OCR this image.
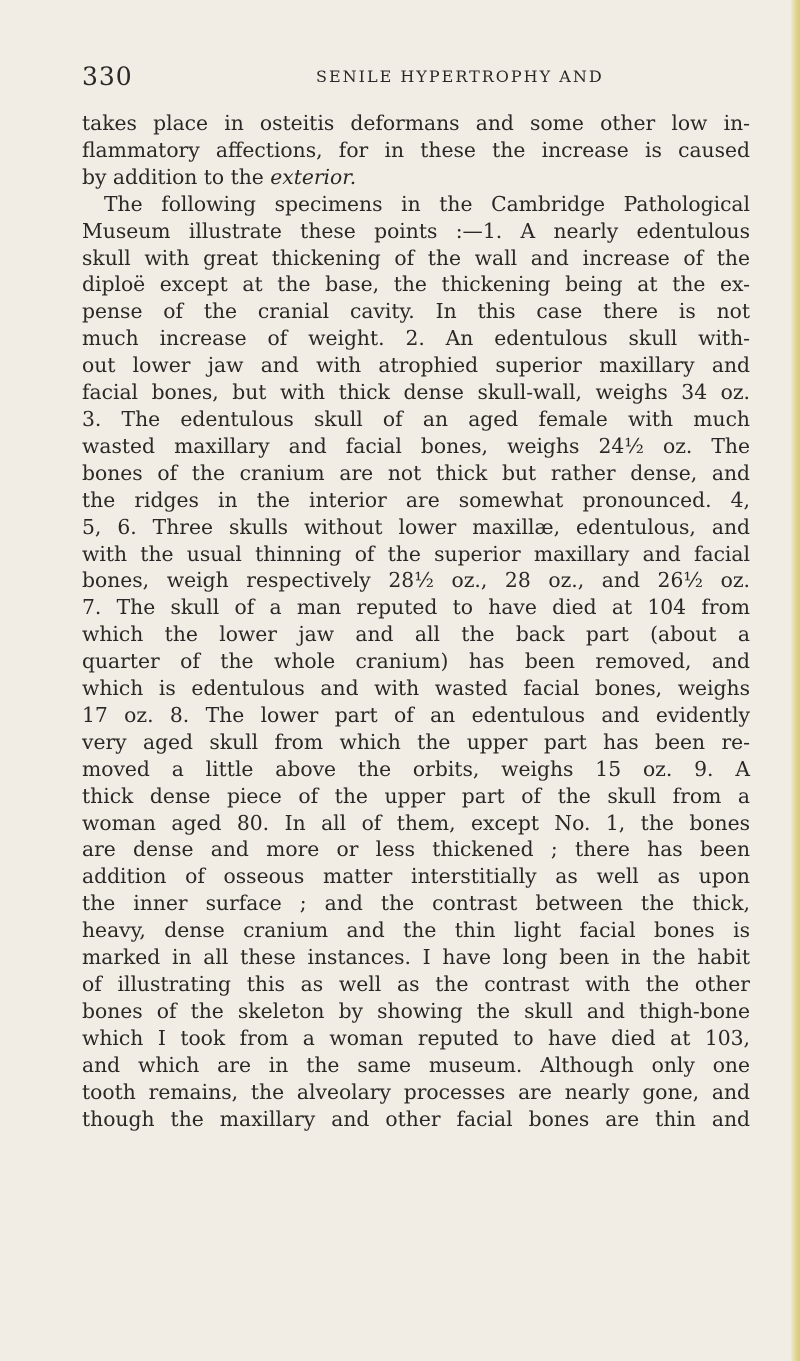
330	SENILE HYPERTROPHY AND
takes place in osteitis deformans and some other low in-
flammatory affections, for in these the increase is caused
by addition to the exterior.
The following specimens in the Cambridge Pathological
Museum illustrate these points :—1. A nearly edentulous
skull with great thickening of the wall and increase of the
diploë except at the base, the thickening being at the ex-
pense of the cranial cavity. In this case there is not
much increase of weight. 2. An edentulous skull with-
out lower jaw and with atrophied superior maxillary and
facial bones, but with thick dense skull-wall, weighs 34 oz.
3. The edentulous skull of an aged female with much
wasted maxillary and facial bones, weighs 24½ oz. The
bones of the cranium are not thick but rather dense, and
the ridges in the interior are somewhat pronounced. 4,
5, 6. Three skulls without lower maxillæ, edentulous, and
with the usual thinning of the superior maxillary and facial
bones, weigh respectively 28½ oz., 28 oz., and 26½ oz.
7. The skull of a man reputed to have died at 104 from
which the lower jaw and all the back part (about a
quarter of the whole cranium) has been removed, and
which is edentulous and with wasted facial bones, weighs
17 oz. 8. The lower part of an edentulous and evidently
very aged skull from which the upper part has been re-
moved a little above the orbits, weighs 15 oz. 9. A
thick dense piece of the upper part of the skull from a
woman aged 80. In all of them, except No. 1, the bones
are dense and more or less thickened ; there has been
addition of osseous matter interstitially as well as upon
the inner surface ; and the contrast between the thick,
heavy, dense cranium and the thin light facial bones is
marked in all these instances. I have long been in the habit
of illustrating this as well as the contrast with the other
bones of the skeleton by showing the skull and thigh-bone
which I took from a woman reputed to have died at 103,
and which are in the same museum. Although only one
tooth remains, the alveolary processes are nearly gone, and
though the maxillary and other facial bones are thin and
